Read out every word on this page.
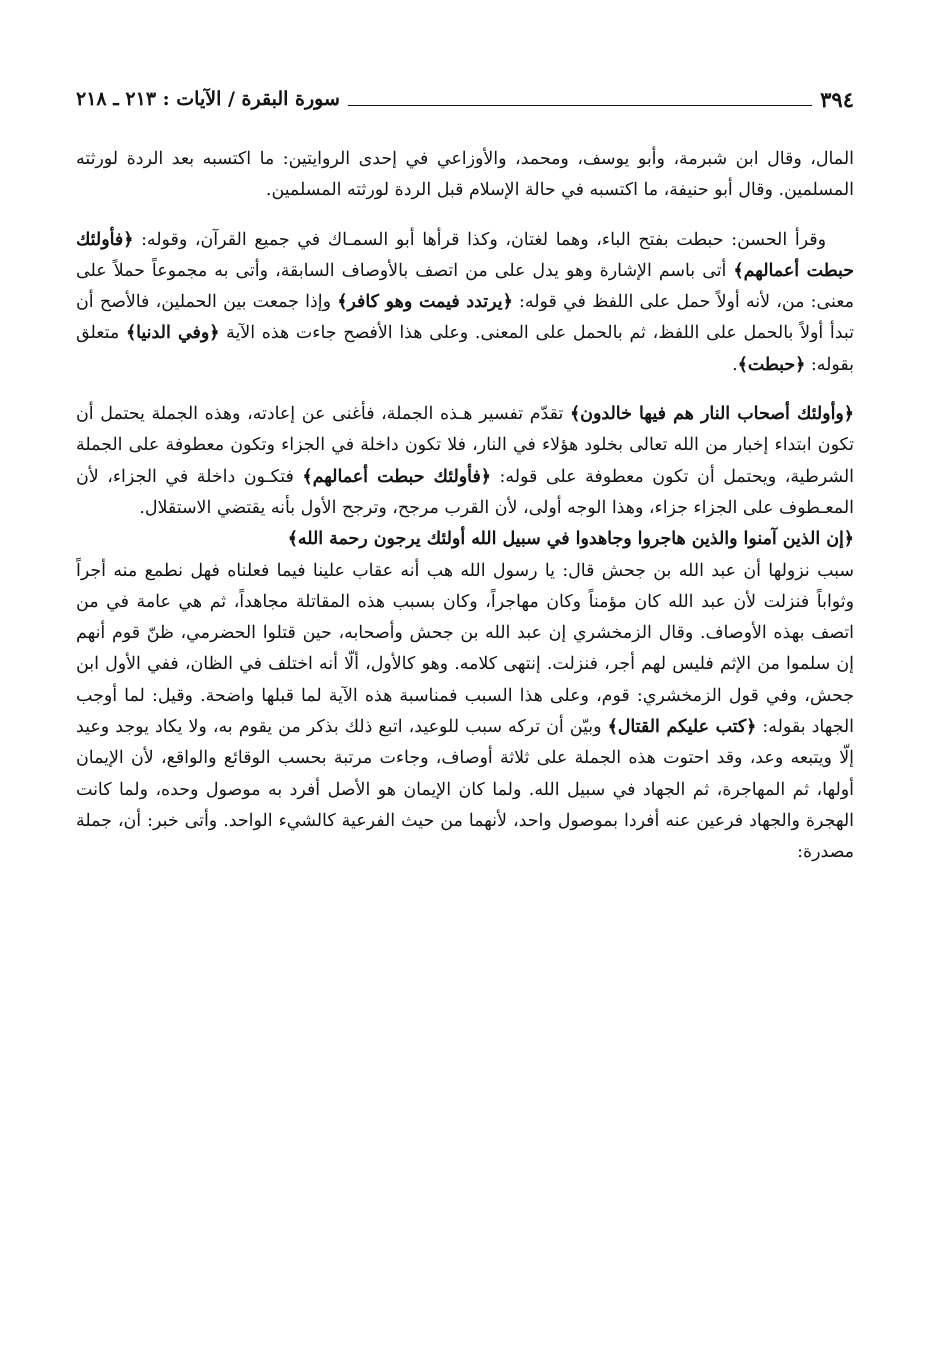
٣٩٤
سورة البقرة / الآيات : ٢١٣ ـ ٢١٨

المال، وقال ابن شبرمة، وأبو يوسف، ومحمد، والأوزاعي في إحدى الروايتين: ما اكتسبه بعد الردة لورثته المسلمين. وقال أبو حنيفة، ما اكتسبه في حالة الإسلام قبل الردة لورثته المسلمين.

وقرأ الحسن: حبطت بفتح الباء، وهما لغتان، وكذا قرأها أبو السمـاك في جميع القرآن، وقوله: ﴿فأولئك حبطت أعمالهم﴾ أتى باسم الإشارة وهو يدل على من اتصف بالأوصاف السابقة، وأتى به مجموعاً حملاً على معنى: من، لأنه أولاً حمل على اللفظ في قوله: ﴿يرتدد فيمت وهو كافر﴾ وإذا جمعت بين الحملين، فالأصح أن تبدأ أولاً بالحمل على اللفظ، ثم بالحمل على المعنى. وعلى هذا الأفصح جاءت هذه الآية ﴿وفي الدنيا﴾ متعلق بقوله: ﴿حبطت﴾.

﴿وأولئك أصحاب النار هم فيها خالدون﴾ تقدّم تفسير هـذه الجملة، فأغنى عن إعادته، وهذه الجملة يحتمل أن تكون ابتداء إخبار من الله تعالى بخلود هؤلاء في النار، فلا تكون داخلة في الجزاء وتكون معطوفة على الجملة الشرطية، ويحتمل أن تكون معطوفة على قوله: ﴿فأولئك حبطت أعمالهم﴾ فتكـون داخلة في الجزاء، لأن المعـطوف على الجزاء جزاء، وهذا الوجه أولى، لأن القرب مرجح، وترجح الأول بأنه يقتضي الاستقلال.

﴿إن الذين آمنوا والذين هاجروا وجاهدوا في سبيل الله أولئك يرجون رحمة الله﴾

سبب نزولها أن عبد الله بن جحش قال: يا رسول الله هب أنه عقاب علينا فيما فعلناه فهل نطمع منه أجراً وثواباً فنزلت لأن عبد الله كان مؤمناً وكان مهاجراً، وكان بسبب هذه المقاتلة مجاهداً، ثم هي عامة في من اتصف بهذه الأوصاف. وقال الزمخشري إن عبد الله بن جحش وأصحابه، حين قتلوا الحضرمي، ظنّ قوم أنهم إن سلموا من الإثم فليس لهم أجر، فنزلت. إنتهى كلامه. وهو كالأول، ألّا أنه اختلف في الظان، ففي الأول ابن جحش، وفي قول الزمخشري: قوم، وعلى هذا السبب فمناسبة هذه الآية لما قبلها واضحة. وقيل: لما أوجب الجهاد بقوله: ﴿كتب عليكم القتال﴾ وبيّن أن تركه سبب للوعيد، اتبع ذلك بذكر من يقوم به، ولا يكاد يوجد وعيد إلّا ويتبعه وعد، وقد احتوت هذه الجملة على ثلاثة أوصاف، وجاءت مرتبة بحسب الوقائع والواقع، لأن الإيمان أولها، ثم المهاجرة، ثم الجهاد في سبيل الله. ولما كان الإيمان هو الأصل أفرد به موصول وحده، ولما كانت الهجرة والجهاد فرعين عنه أفردا بموصول واحد، لأنهما من حيث الفرعية كالشيء الواحد. وأتى خبر: أن، جملة مصدرة:
